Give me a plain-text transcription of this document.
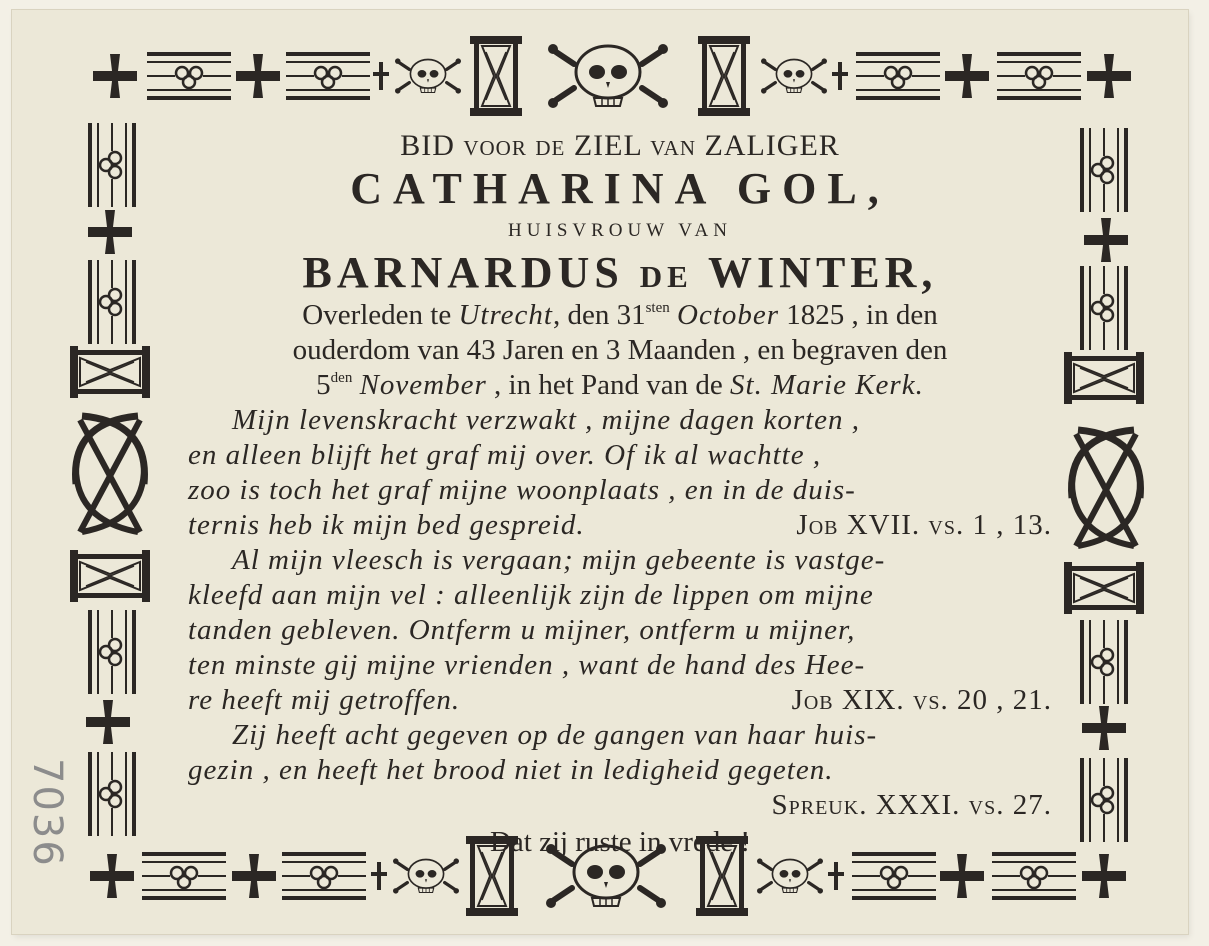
BID voor de ZIEL van ZALIGER
CATHARINA GOL,
HUISVROUW VAN
BARNARDUS de WINTER,
Overleden te Utrecht, den $31^{sten}$ October 1825 , in den
ouderdom van 43 Jaren en 3 Maanden , en begraven den
$5^{den}$ November , in het Pand van de St. Marie Kerk.
Mijn levenskracht verzwakt , mijne dagen korten ,
en alleen blijft het graf mij over. Of ik al wachtte ,
zoo is toch het graf mijne woonplaats , en in de duis-
ternis heb ik mijn bed gespreid.	Job XVII. vs. 1 , 13.
Al mijn vleesch is vergaan; mijn gebeente is vastge-
kleefd aan mijn vel : alleenlijk zijn de lippen om mijne
tanden gebleven. Ontferm u mijner, ontferm u mijner,
ten minste gij mijne vrienden , want de hand des Hee-
re heeft mij getroffen.	Job XIX. vs. 20 , 21.
Zij heeft acht gegeven op de gangen van haar huis-
gezin , en heeft het brood niet in ledigheid gegeten.
Spreuk. XXXI. vs. 27.
Dat zij ruste in vrede !
7036
